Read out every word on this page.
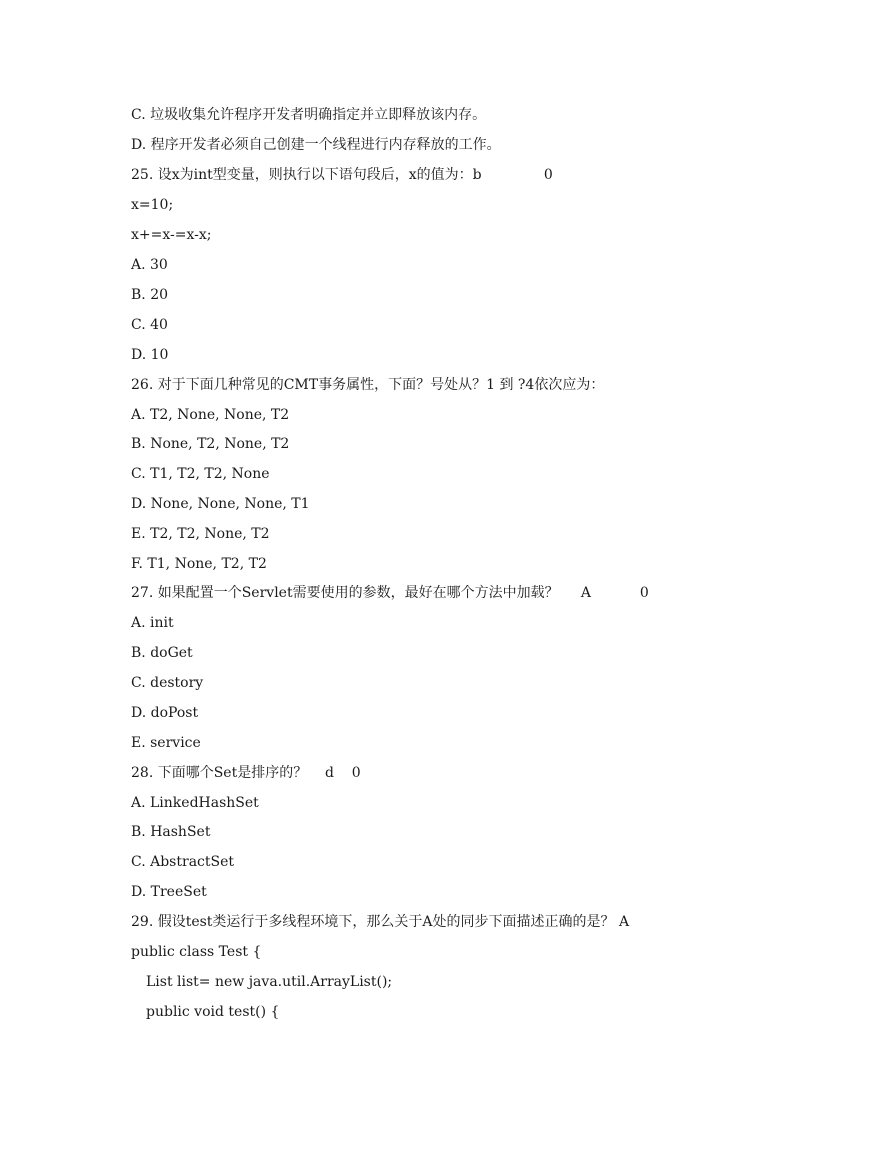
C. 垃圾收集允许程序开发者明确指定并立即释放该内存。
D. 程序开发者必须自己创建一个线程进行内存释放的工作。
25. 设x为int型变量，则执行以下语句段后，x的值为：b              0
x=10;
x+=x-=x-x;
A. 30
B. 20
C. 40
D. 10
26. 对于下面几种常见的CMT事务属性，下面？号处从？1 到 ?4依次应为：
A. T2, None, None, T2
B. None, T2, None, T2
C. T1, T2, T2, None
D. None, None, None, T1
E. T2, T2, None, T2
F. T1, None, T2, T2
27. 如果配置一个Servlet需要使用的参数，最好在哪个方法中加载？     A           0
A. init
B. doGet
C. destory
D. doPost
E. service
28. 下面哪个Set是排序的？    d    0
A. LinkedHashSet
B. HashSet
C. AbstractSet
D. TreeSet
29. 假设test类运行于多线程环境下，那么关于A处的同步下面描述正确的是？ A
public class Test {
List list= new java.util.ArrayList();
public void test() {
